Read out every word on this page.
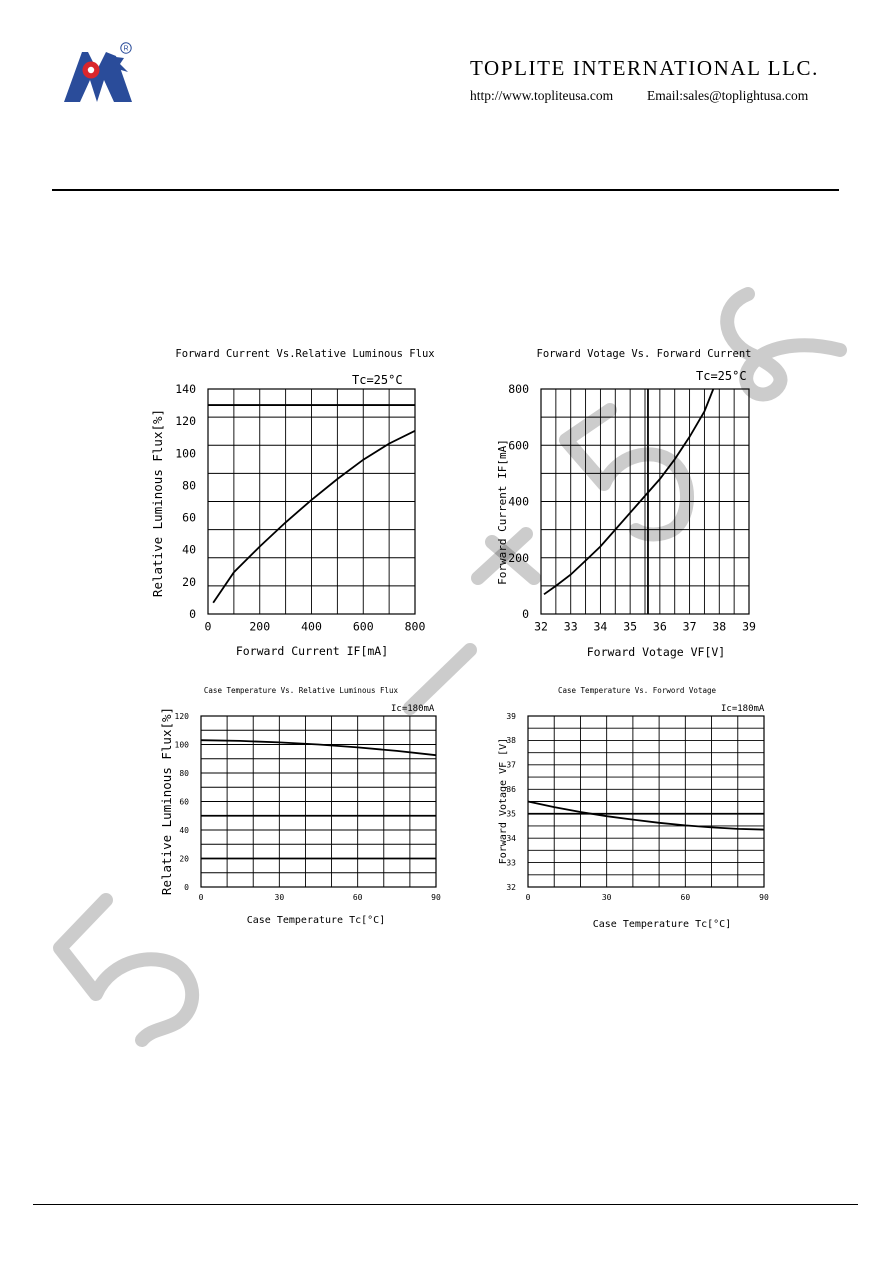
R
TOPLITE INTERNATIONAL LLC.
http://www.topliteusa.com	Email:sales@toplightusa.com
Forward Current Vs.Relative Luminous Flux
0	200	400	600	800
0
20
40
60
80
100
120
140
Tc=25°C
Forward Current IF[mA]
Relative Luminous Flux[%]
Forward Votage Vs. Forward Current
32 33 34 35 36 37 38 39
0
200
400
600
800
Tc=25°C
Forward Votage VF[V]
Forward Current IF[mA]
Case Temperature Vs. Relative Luminous Flux
0	30	60	90
0
20
40
60
80
100
120
Ic=180mA
Case Temperature Tc[°C]
Relative Luminous Flux[%]
Case Temperature Vs. Forword Votage
0	30	60	90
32
33
34
35
36
37
38
39
Ic=180mA
Case Temperature Tc[°C]
Forward Votage VF [V]
